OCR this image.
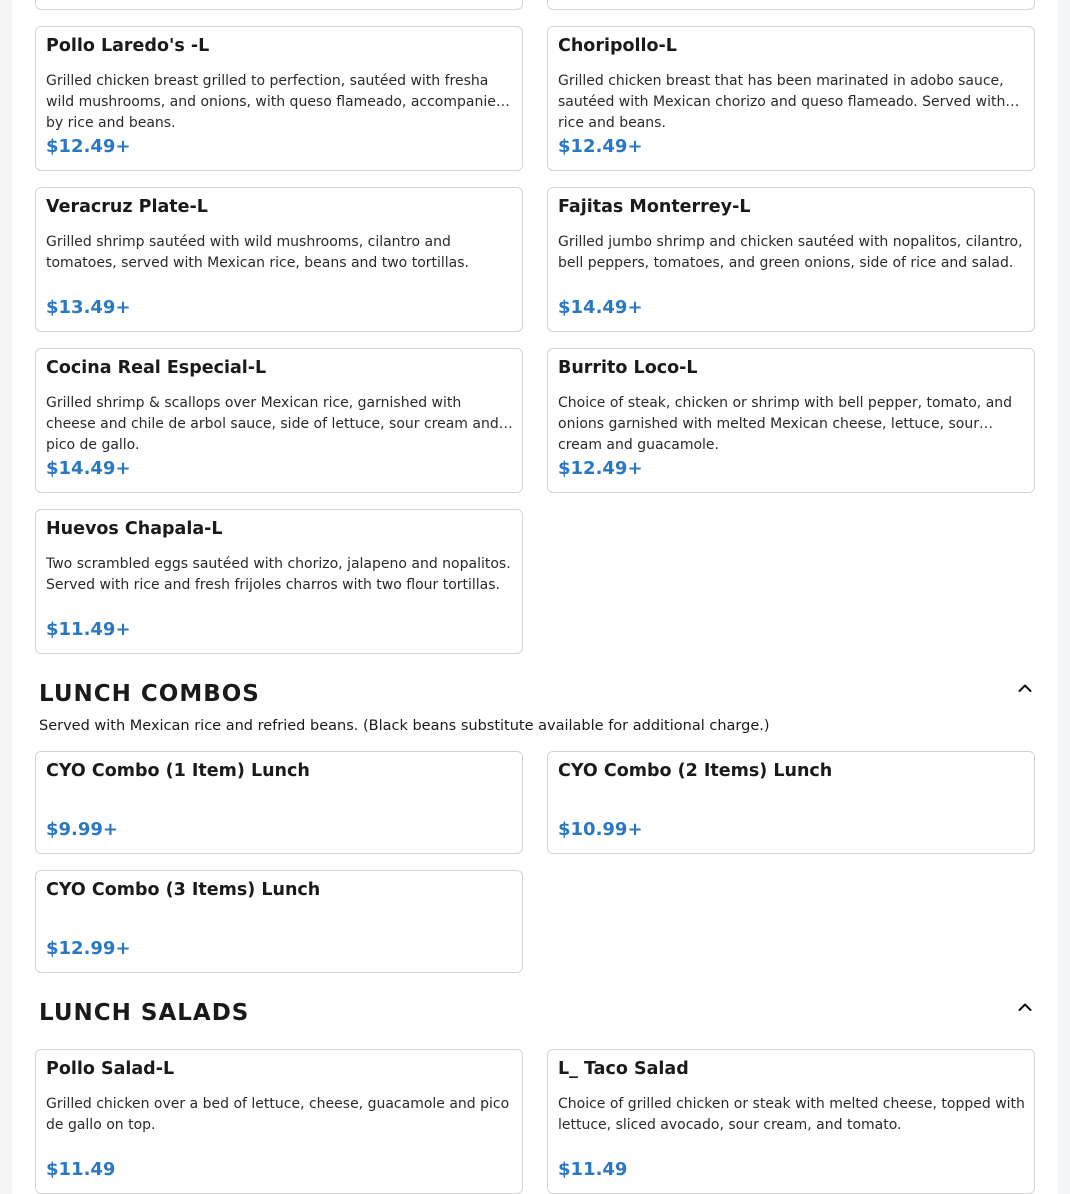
Pollo Laredo's -L
Grilled chicken breast grilled to perfection, sautéed with fresha wild mushrooms, and onions, with queso flameado, accompanied by rice and beans.
$12.49+
Choripollo-L
Grilled chicken breast that has been marinated in adobo sauce, sautéed with Mexican chorizo and queso flameado. Served with rice and beans.
$12.49+
Veracruz Plate-L
Grilled shrimp sautéed with wild mushrooms, cilantro and tomatoes, served with Mexican rice, beans and two tortillas.
$13.49+
Fajitas Monterrey-L
Grilled jumbo shrimp and chicken sautéed with nopalitos, cilantro, bell peppers, tomatoes, and green onions, side of rice and salad.
$14.49+
Cocina Real Especial-L
Grilled shrimp & scallops over Mexican rice, garnished with cheese and chile de arbol sauce, side of lettuce, sour cream and pico de gallo.
$14.49+
Burrito Loco-L
Choice of steak, chicken or shrimp with bell pepper, tomato, and onions garnished with melted Mexican cheese, lettuce, sour cream and guacamole.
$12.49+
Huevos Chapala-L
Two scrambled eggs sautéed with chorizo, jalapeno and nopalitos. Served with rice and fresh frijoles charros with two flour tortillas.
$11.49+
LUNCH COMBOS
Served with Mexican rice and refried beans. (Black beans substitute available for additional charge.)
CYO Combo (1 Item) Lunch
$9.99+
CYO Combo (2 Items) Lunch
$10.99+
CYO Combo (3 Items) Lunch
$12.99+
LUNCH SALADS
Pollo Salad-L
Grilled chicken over a bed of lettuce, cheese, guacamole and pico de gallo on top.
$11.49
L_ Taco Salad
Choice of grilled chicken or steak with melted cheese, topped with lettuce, sliced avocado, sour cream, and tomato.
$11.49
